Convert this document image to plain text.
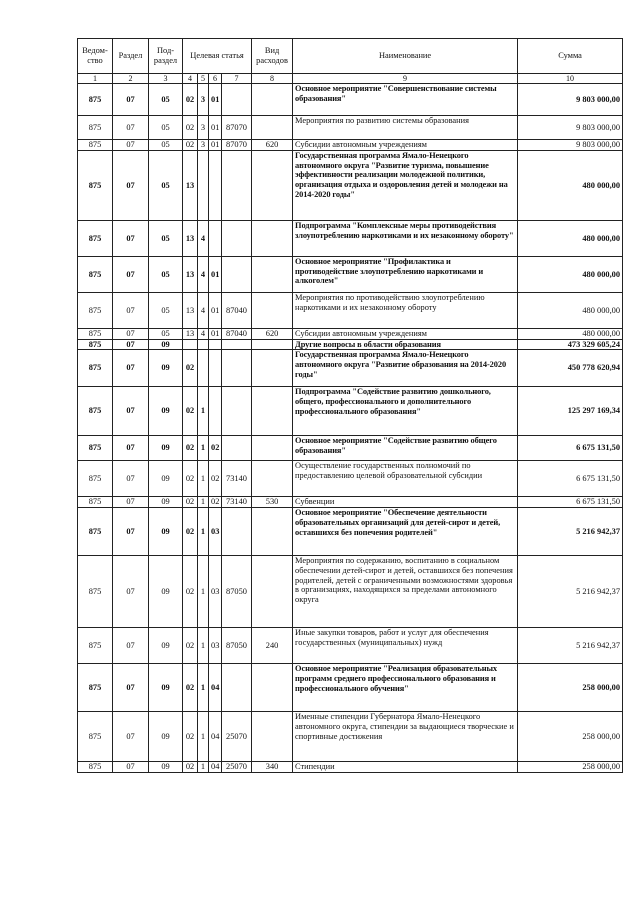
Ведом-ство	Раздел	Под-раздел	Целевая статья				Вид расходов	Наименование	Сумма
1	2	3	4	5	6	7	8	9	10
875	07	05	02	3	01			Основное мероприятие "Совершенствование системы образования"	9 803 000,00
875	07	05	02	3	01	87070		Мероприятия по развитию системы образования	9 803 000,00
875	07	05	02	3	01	87070	620	Субсидии автономным учреждениям	9 803 000,00
875	07	05	13					Государственная программа Ямало-Ненецкого автономного округа "Развитие туризма, повышение эффективности реализации молодежной политики, организация отдыха и оздоровления детей и молодежи на 2014-2020 годы"	480 000,00
875	07	05	13	4				Подпрограмма "Комплексные меры противодействия злоупотреблению наркотиками и их незаконному обороту"	480 000,00
875	07	05	13	4	01			Основное мероприятие "Профилактика и противодействие злоупотреблению наркотиками и алкоголем"	480 000,00
875	07	05	13	4	01	87040		Мероприятия по противодействию злоупотреблению наркотиками и их незаконному обороту	480 000,00
875	07	05	13	4	01	87040	620	Субсидии автономным учреждениям	480 000,00
875	07	09						Другие вопросы в области образования	473 329 605,24
875	07	09	02					Государственная программа Ямало-Ненецкого автономного округа "Развитие образования на 2014-2020 годы"	450 778 620,94
875	07	09	02	1				Подпрограмма "Содействие развитию дошкольного, общего, профессионального и дополнительного профессионального образования"	125 297 169,34
875	07	09	02	1	02			Основное мероприятие "Содействие развитию общего образования"	6 675 131,50
875	07	09	02	1	02	73140		Осуществление государственных полномочий по предоставлению целевой образовательной субсидии	6 675 131,50
875	07	09	02	1	02	73140	530	Субвенции	6 675 131,50
875	07	09	02	1	03			Основное мероприятие "Обеспечение деятельности образовательных организаций для детей-сирот и детей, оставшихся без попечения родителей"	5 216 942,37
875	07	09	02	1	03	87050		Мероприятия по содержанию, воспитанию в социальном обеспечении детей-сирот и детей, оставшихся без попечения родителей, детей с ограниченными возможностями здоровья в организациях, находящихся за пределами автономного округа	5 216 942,37
875	07	09	02	1	03	87050	240	Иные закупки товаров, работ и услуг для обеспечения государственных (муниципальных) нужд	5 216 942,37
875	07	09	02	1	04			Основное мероприятие "Реализация образовательных программ среднего профессионального образования и профессионального обучения"	258 000,00
875	07	09	02	1	04	25070		Именные стипендии Губернатора Ямало-Ненецкого автономного округа, стипендии за выдающиеся творческие и спортивные достижения	258 000,00
875	07	09	02	1	04	25070	340	Стипендии	258 000,00
